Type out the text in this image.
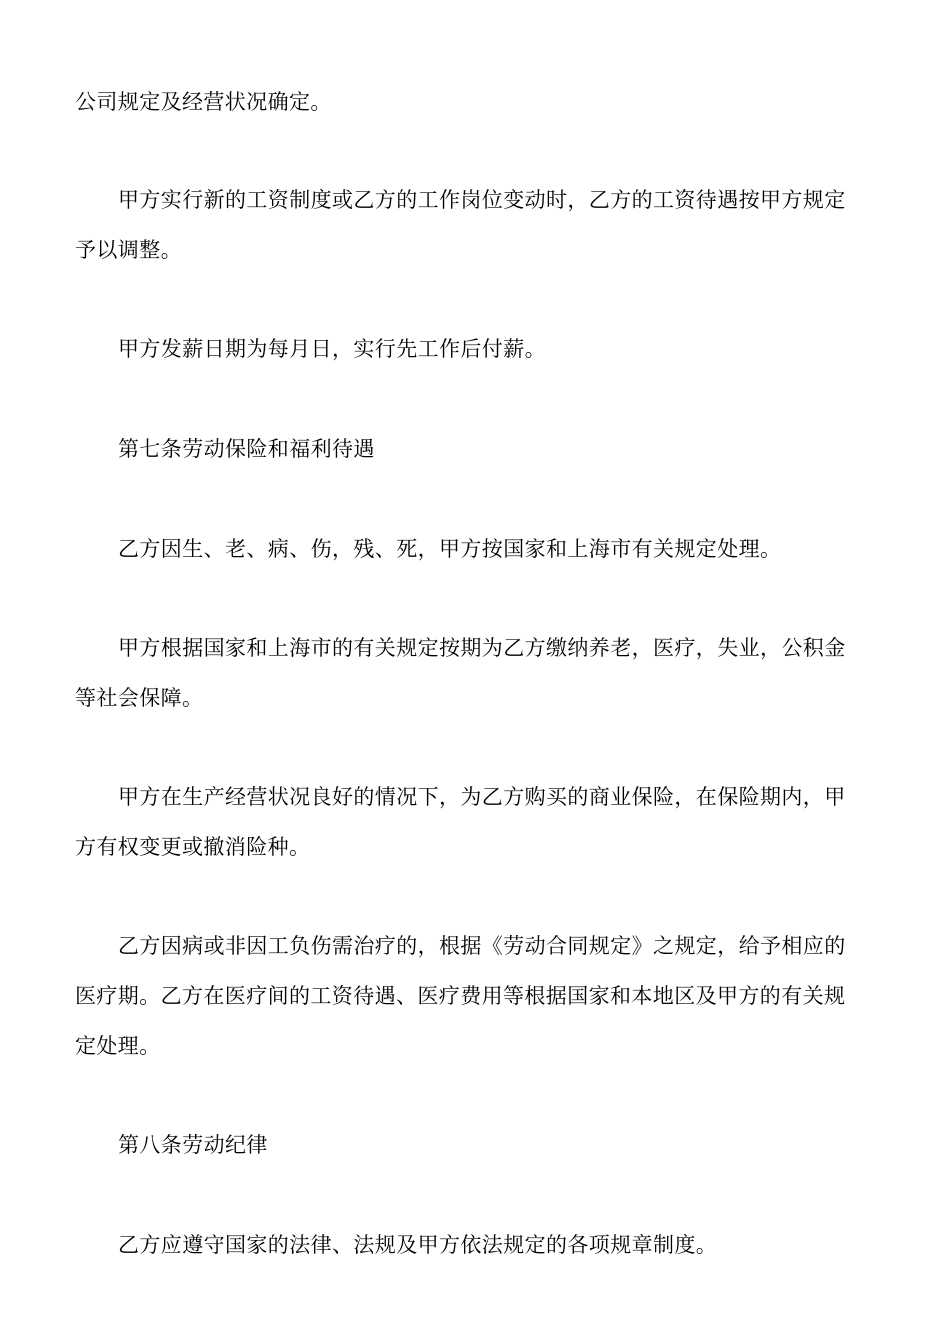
公司规定及经营状况确定。
甲方实行新的工资制度或乙方的工作岗位变动时，乙方的工资待遇按甲方规定
予以调整。
甲方发薪日期为每月日，实行先工作后付薪。
第七条劳动保险和福利待遇
乙方因生、老、病、伤，残、死，甲方按国家和上海市有关规定处理。
甲方根据国家和上海市的有关规定按期为乙方缴纳养老，医疗，失业，公积金
等社会保障。
甲方在生产经营状况良好的情况下，为乙方购买的商业保险，在保险期内，甲
方有权变更或撤消险种。
乙方因病或非因工负伤需治疗的，根据《劳动合同规定》之规定，给予相应的
医疗期。乙方在医疗间的工资待遇、医疗费用等根据国家和本地区及甲方的有关规
定处理。
第八条劳动纪律
乙方应遵守国家的法律、法规及甲方依法规定的各项规章制度。
